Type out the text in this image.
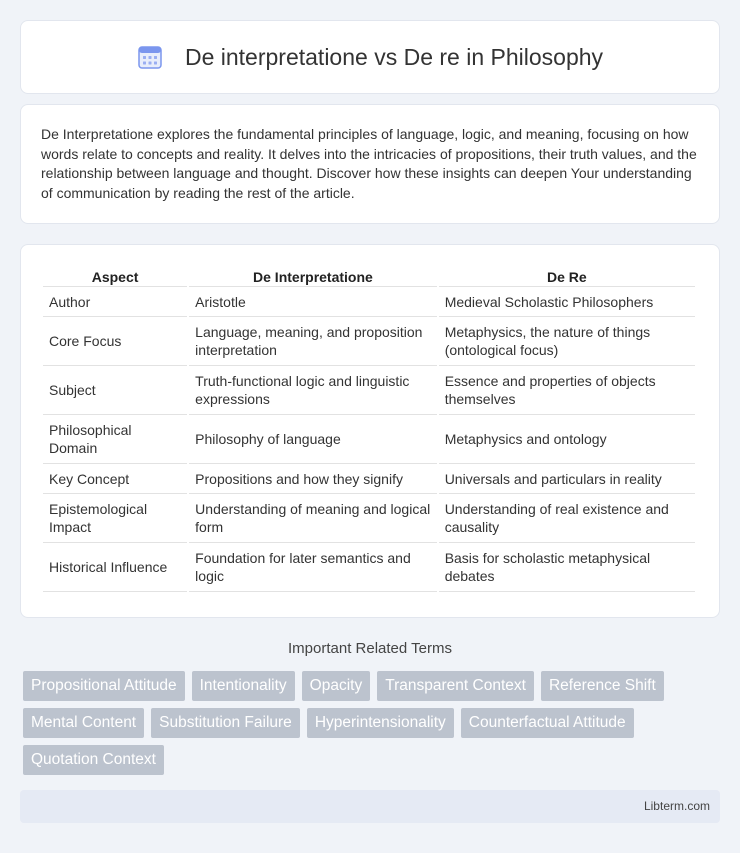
De interpretatione vs De re in Philosophy

De Interpretatione explores the fundamental principles of language, logic, and meaning, focusing on how words relate to concepts and reality. It delves into the intricacies of propositions, their truth values, and the relationship between language and thought. Discover how these insights can deepen Your understanding of communication by reading the rest of the article.

Aspect	De Interpretatione	De Re
Author	Aristotle	Medieval Scholastic Philosophers
Core Focus	Language, meaning, and proposition interpretation	Metaphysics, the nature of things (ontological focus)
Subject	Truth-functional logic and linguistic expressions	Essence and properties of objects themselves
Philosophical Domain	Philosophy of language	Metaphysics and ontology
Key Concept	Propositions and how they signify	Universals and particulars in reality
Epistemological Impact	Understanding of meaning and logical form	Understanding of real existence and causality
Historical Influence	Foundation for later semantics and logic	Basis for scholastic metaphysical debates
Important Related Terms
Propositional Attitude	Intentionality	Opacity	Transparent Context	Reference Shift
Mental Content	Substitution Failure	Hyperintensionality	Counterfactual Attitude
Quotation Context
Libterm.com
